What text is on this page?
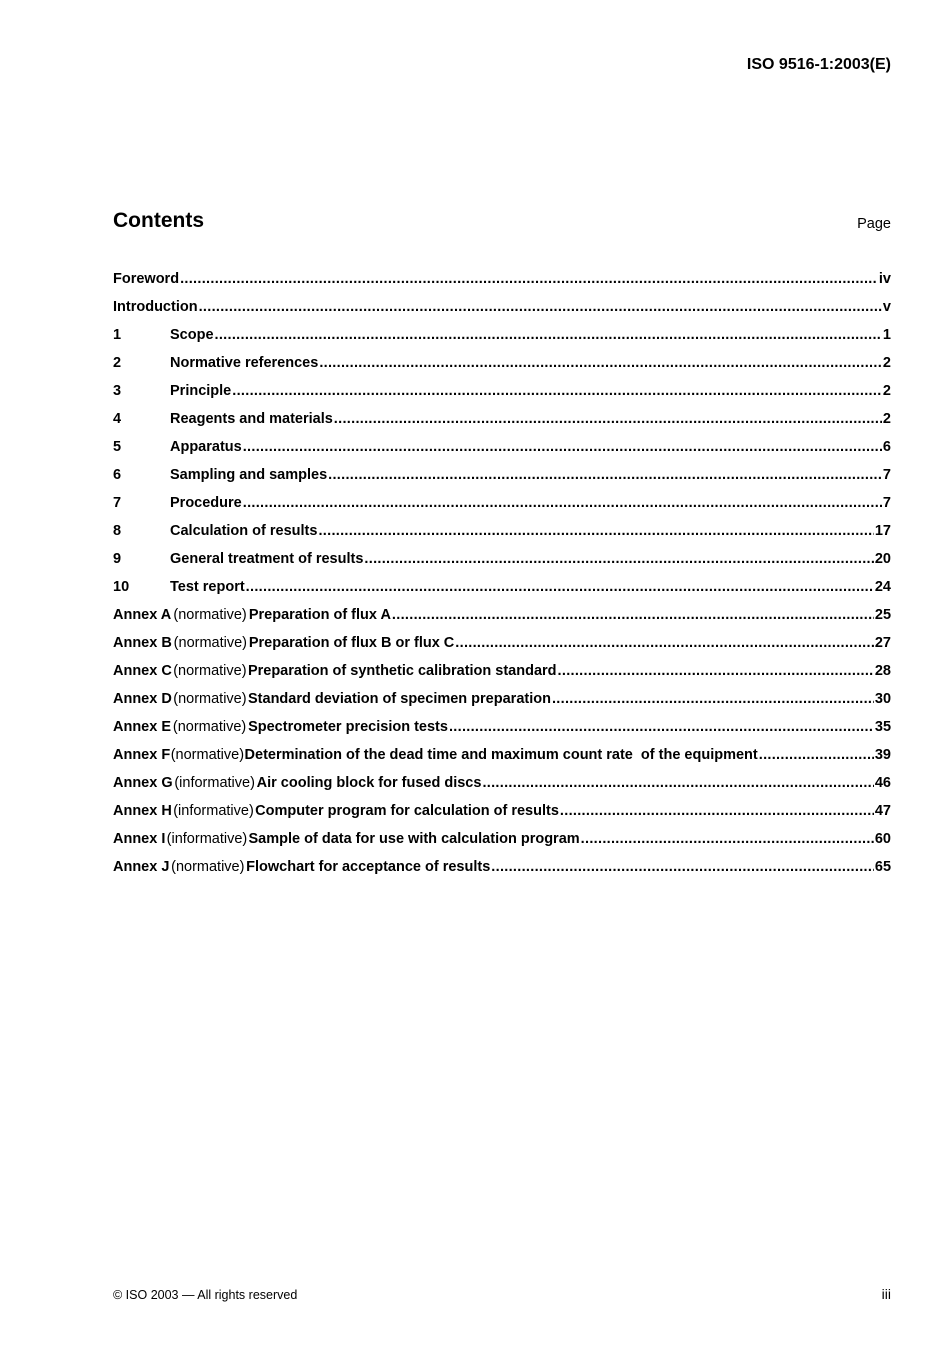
ISO 9516-1:2003(E)
Contents	Page
Foreword .....	iv
Introduction .....	v
1	Scope .....	1
2	Normative references .....	2
3	Principle .....	2
4	Reagents and materials .....	2
5	Apparatus .....	6
6	Sampling and samples .....	7
7	Procedure .....	7
8	Calculation of results .....	17
9	General treatment of results .....	20
10	Test report .....	24
Annex A (normative) Preparation of flux A .....	25
Annex B (normative) Preparation of flux B or flux C .....	27
Annex C (normative) Preparation of synthetic calibration standard .....	28
Annex D (normative) Standard deviation of specimen preparation .....	30
Annex E (normative) Spectrometer precision tests .....	35
Annex F (normative) Determination of the dead time and maximum count rate  of the equipment .....	39
Annex G (informative) Air cooling block for fused discs .....	46
Annex H (informative) Computer program for calculation of results .....	47
Annex I (informative) Sample of data for use with calculation program .....	60
Annex J (normative) Flowchart for acceptance of results .....	65
© ISO 2003 — All rights reserved	iii
